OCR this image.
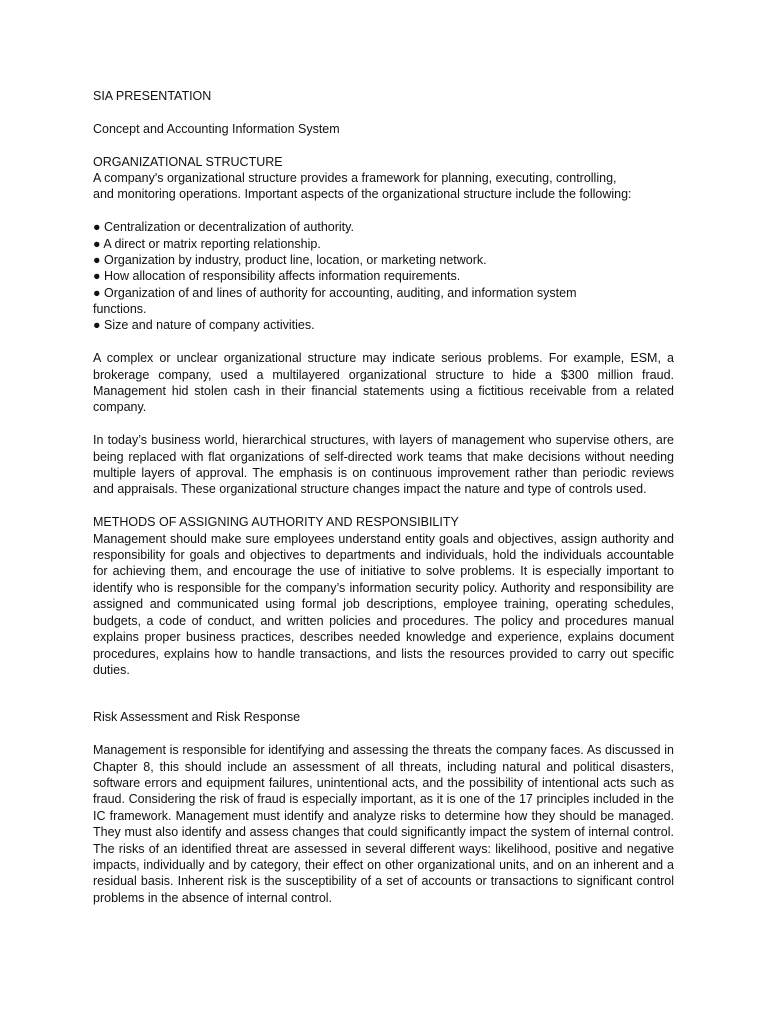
SIA PRESENTATION
Concept and Accounting Information System
ORGANIZATIONAL STRUCTURE
A company's organizational structure provides a framework for planning, executing, controlling,
and monitoring operations. Important aspects of the organizational structure include the following:
● Centralization or decentralization of authority.
● A direct or matrix reporting relationship.
● Organization by industry, product line, location, or marketing network.
● How allocation of responsibility affects information requirements.
● Organization of and lines of authority for accounting, auditing, and information system
functions.
● Size and nature of company activities.

A complex or unclear organizational structure may indicate serious problems. For example, ESM, a brokerage company, used a multilayered organizational structure to hide a $300 million fraud. Management hid stolen cash in their financial statements using a fictitious receivable from a related company.

In today’s business world, hierarchical structures, with layers of management who supervise others, are being replaced with flat organizations of self-directed work teams that make decisions without needing multiple layers of approval. The emphasis is on continuous improvement rather than periodic reviews and appraisals. These organizational structure changes impact the nature and type of controls used.

METHODS OF ASSIGNING AUTHORITY AND RESPONSIBILITY

Management should make sure employees understand entity goals and objectives, assign authority and responsibility for goals and objectives to departments and individuals, hold the individuals accountable for achieving them, and encourage the use of initiative to solve problems. It is especially important to identify who is responsible for the company’s information security policy. Authority and responsibility are assigned and communicated using formal job descriptions, employee training, operating schedules, budgets, a code of conduct, and written policies and procedures. The policy and procedures manual explains proper business practices, describes needed knowledge and experience, explains document procedures, explains how to handle transactions, and lists the resources provided to carry out specific duties.

Risk Assessment and Risk Response

Management is responsible for identifying and assessing the threats the company faces. As discussed in Chapter 8, this should include an assessment of all threats, including natural and political disasters, software errors and equipment failures, unintentional acts, and the possibility of intentional acts such as fraud. Considering the risk of fraud is especially important, as it is one of the 17 principles included in the IC framework. Management must identify and analyze risks to determine how they should be managed. They must also identify and assess changes that could significantly impact the system of internal control. The risks of an identified threat are assessed in several different ways: likelihood, positive and negative impacts, individually and by category, their effect on other organizational units, and on an inherent and a residual basis. Inherent risk is the susceptibility of a set of accounts or transactions to significant control problems in the absence of internal control.
